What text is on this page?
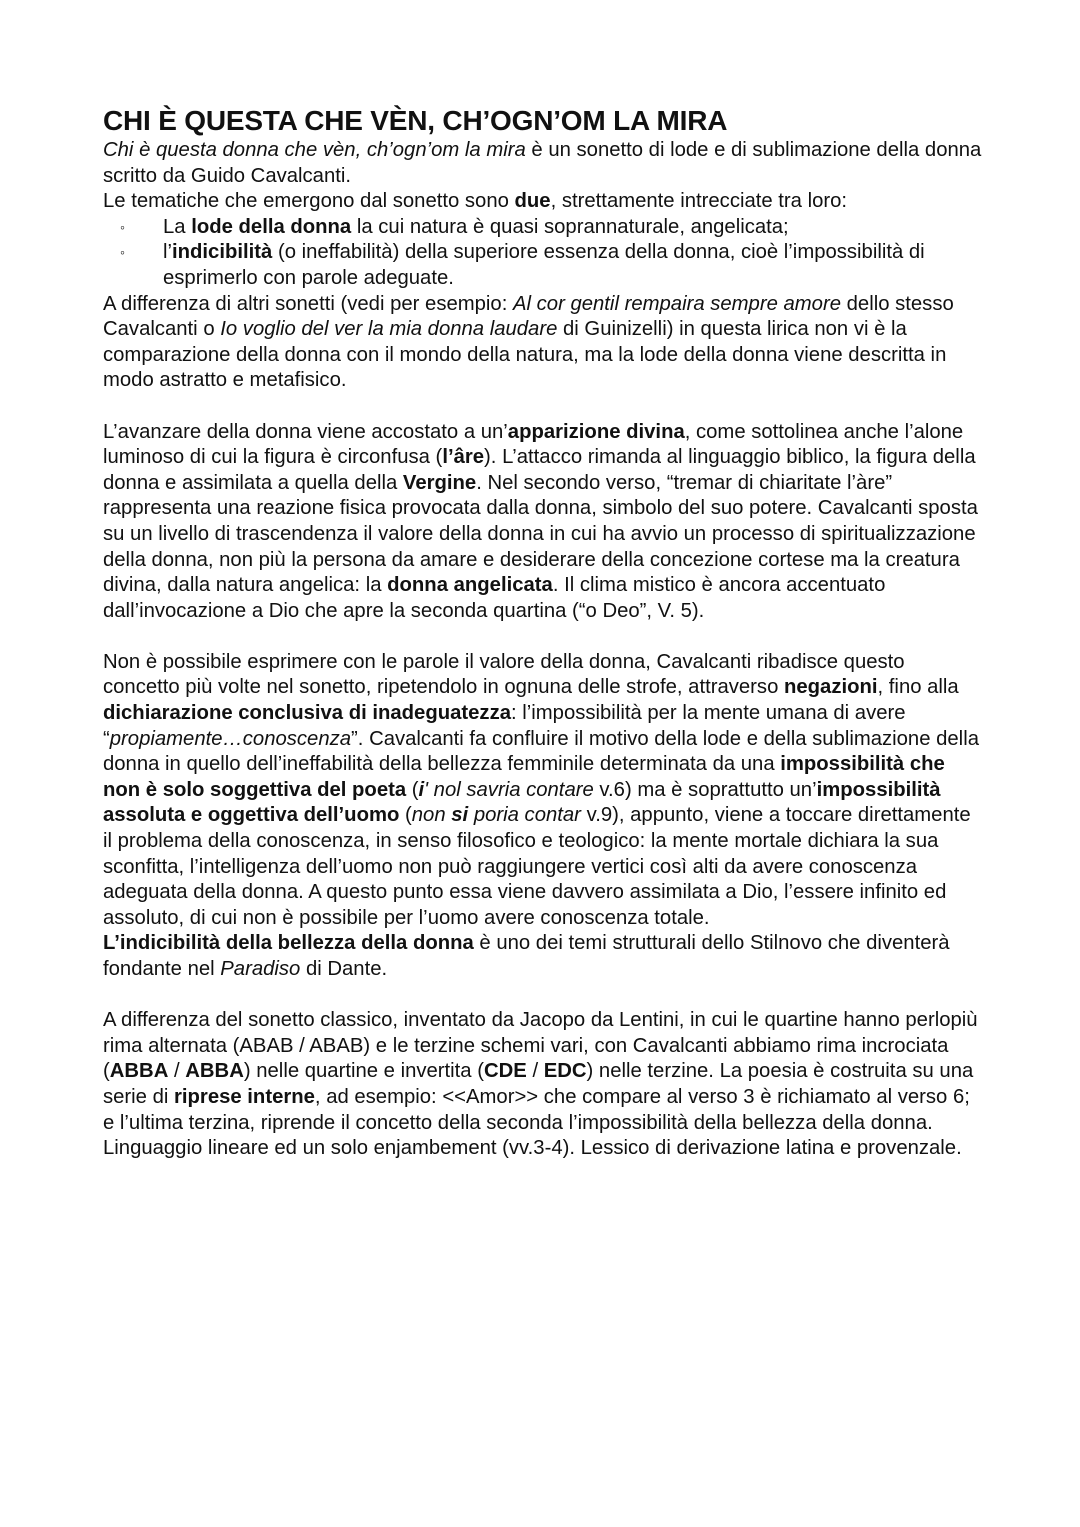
CHI È QUESTA CHE VÈN, CH’OGN’OM LA MIRA

Chi è questa donna che vèn, ch’ogn’om la mira è un sonetto di lode e di sublimazione della donna scritto da Guido Cavalcanti.

Le tematiche che emergono dal sonetto sono due, strettamente intrecciate tra loro:

◦ La lode della donna la cui natura è quasi soprannaturale, angelicata;
◦ l’indicibilità (o ineffabilità) della superiore essenza della donna, cioè l’impossibilità di esprimerlo con parole adeguate.

A differenza di altri sonetti (vedi per esempio: Al cor gentil rempaira sempre amore dello stesso Cavalcanti o Io voglio del ver la mia donna laudare di Guinizelli) in questa lirica non vi è la comparazione della donna con il mondo della natura, ma la lode della donna viene descritta in modo astratto e metafisico.

L’avanzare della donna viene accostato a un’apparizione divina, come sottolinea anche l’alone luminoso di cui la figura è circonfusa (l’âre). L’attacco rimanda al linguaggio biblico, la figura della donna e assimilata a quella della Vergine. Nel secondo verso, “tremar di chiaritate l’àre” rappresenta una reazione fisica provocata dalla donna, simbolo del suo potere. Cavalcanti sposta su un livello di trascendenza il valore della donna in cui ha avvio un processo di spiritualizzazione della donna, non più la persona da amare e desiderare della concezione cortese ma la creatura divina, dalla natura angelica: la donna angelicata. Il clima mistico è ancora accentuato dall’invocazione a Dio che apre la seconda quartina (“o Deo”, V. 5).

Non è possibile esprimere con le parole il valore della donna, Cavalcanti ribadisce questo concetto più volte nel sonetto, ripetendolo in ognuna delle strofe, attraverso negazioni, fino alla dichiarazione conclusiva di inadeguatezza: l’impossibilità per la mente umana di avere “propiamente…conoscenza”. Cavalcanti fa confluire il motivo della lode e della sublimazione della donna in quello dell’ineffabilità della bellezza femminile determinata da una impossibilità che non è solo soggettiva del poeta (i' nol savria contare v.6) ma è soprattutto un’impossibilità assoluta e oggettiva dell’uomo (non si poria contar v.9), appunto, viene a toccare direttamente il problema della conoscenza, in senso filosofico e teologico: la mente mortale dichiara la sua sconfitta, l’intelligenza dell’uomo non può raggiungere vertici così alti da avere conoscenza adeguata della donna. A questo punto essa viene davvero assimilata a Dio, l’essere infinito ed assoluto, di cui non è possibile per l’uomo avere conoscenza totale.

L’indicibilità della bellezza della donna è uno dei temi strutturali dello Stilnovo che diventerà fondante nel Paradiso di Dante.

A differenza del sonetto classico, inventato da Jacopo da Lentini, in cui le quartine hanno perlopiù rima alternata (ABAB / ABAB) e le terzine schemi vari, con Cavalcanti abbiamo rima incrociata (ABBA / ABBA) nelle quartine e invertita (CDE / EDC) nelle terzine. La poesia è costruita su una serie di riprese interne, ad esempio: <<Amor>> che compare al verso 3 è richiamato al verso 6; e l’ultima terzina, riprende il concetto della seconda l’impossibilità della bellezza della donna. Linguaggio lineare ed un solo enjambement (vv.3-4). Lessico di derivazione latina e provenzale.
